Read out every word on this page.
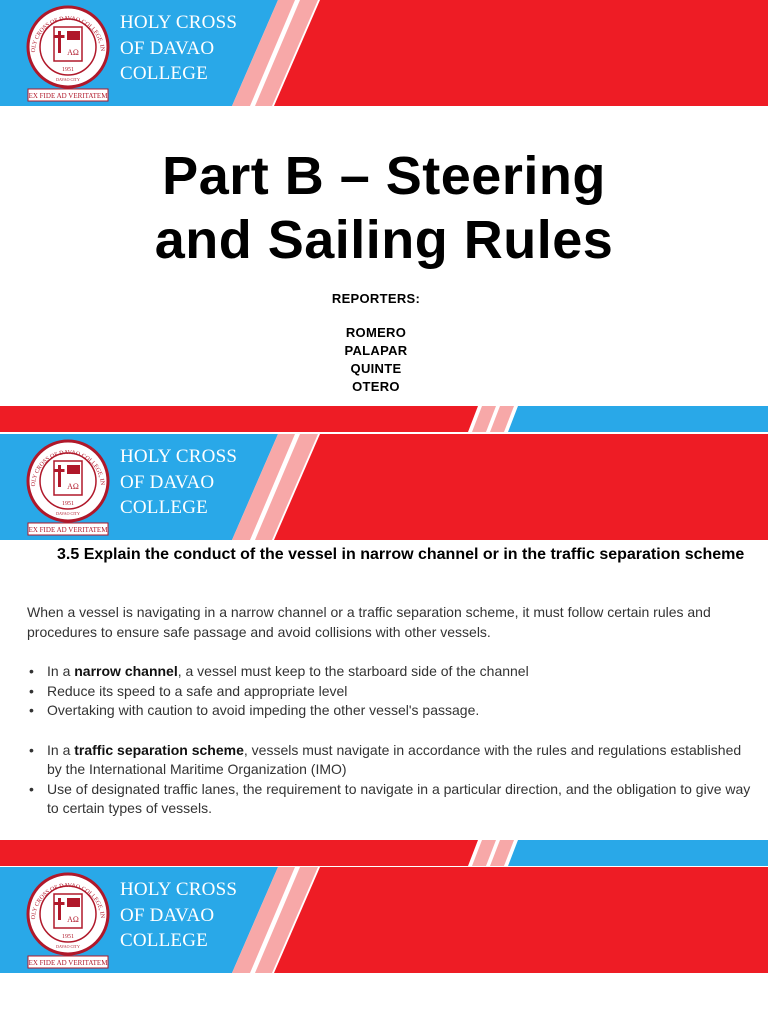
AΩ
1951
DAVAO CITY
OLY CROSS OF DAVAO COLLEGE, IN
EX FIDE AD VERITATEM
HOLY CROSS
OF DAVAO
COLLEGE
Part B – Steering
and Sailing Rules
REPORTERS:
ROMERO
PALAPAR
QUINTE
OTERO
AΩ
1951
DAVAO CITY
OLY CROSS OF DAVAO COLLEGE, IN
EX FIDE AD VERITATEM
HOLY CROSS
OF DAVAO
COLLEGE
3.5 Explain the conduct of the vessel in narrow channel or in the traffic separation scheme

When a vessel is navigating in a narrow channel or a traffic separation scheme, it must follow certain rules and procedures to ensure safe passage and avoid collisions with other vessels.

• In a narrow channel, a vessel must keep to the starboard side of the channel
• Reduce its speed to a safe and appropriate level
• Overtaking with caution to avoid impeding the other vessel's passage.
• In a traffic separation scheme, vessels must navigate in accordance with the rules and regulations established by the International Maritime Organization (IMO)
• Use of designated traffic lanes, the requirement to navigate in a particular direction, and the obligation to give way to certain types of vessels.
AΩ
1951
DAVAO CITY
OLY CROSS OF DAVAO COLLEGE, IN
EX FIDE AD VERITATEM
HOLY CROSS
OF DAVAO
COLLEGE
